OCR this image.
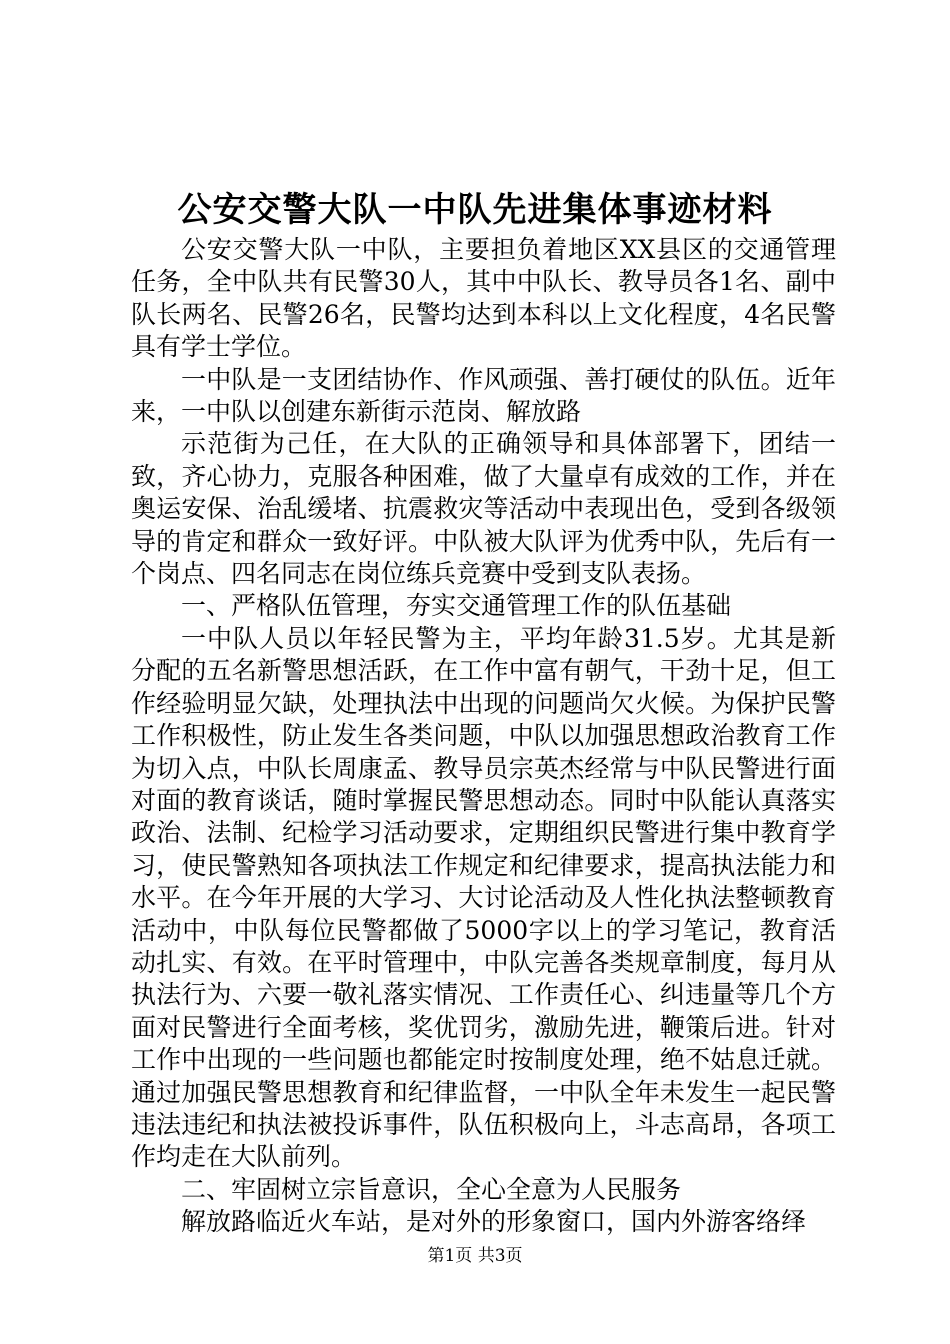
公安交警大队一中队先进集体事迹材料

公安交警大队一中队，主要担负着地区XX县区的交通管理任务，全中队共有民警30人，其中中队长、教导员各1名、副中队长两名、民警26名，民警均达到本科以上文化程度，4名民警具有学士学位。

一中队是一支团结协作、作风顽强、善打硬仗的队伍。近年来，一中队以创建东新街示范岗、解放路

示范街为己任，在大队的正确领导和具体部署下，团结一致，齐心协力，克服各种困难，做了大量卓有成效的工作，并在奥运安保、治乱缓堵、抗震救灾等活动中表现出色，受到各级领导的肯定和群众一致好评。中队被大队评为优秀中队，先后有一个岗点、四名同志在岗位练兵竞赛中受到支队表扬。

一、严格队伍管理，夯实交通管理工作的队伍基础

一中队人员以年轻民警为主，平均年龄31.5岁。尤其是新分配的五名新警思想活跃，在工作中富有朝气，干劲十足，但工作经验明显欠缺，处理执法中出现的问题尚欠火候。为保护民警工作积极性，防止发生各类问题，中队以加强思想政治教育工作为切入点，中队长周康孟、教导员宗英杰经常与中队民警进行面对面的教育谈话，随时掌握民警思想动态。同时中队能认真落实政治、法制、纪检学习活动要求，定期组织民警进行集中教育学习，使民警熟知各项执法工作规定和纪律要求，提高执法能力和水平。在今年开展的大学习、大讨论活动及人性化执法整顿教育活动中，中队每位民警都做了5000字以上的学习笔记，教育活动扎实、有效。在平时管理中，中队完善各类规章制度，每月从执法行为、六要一敬礼落实情况、工作责任心、纠违量等几个方面对民警进行全面考核，奖优罚劣，激励先进，鞭策后进。针对工作中出现的一些问题也都能定时按制度处理，绝不姑息迁就。通过加强民警思想教育和纪律监督，一中队全年未发生一起民警违法违纪和执法被投诉事件，队伍积极向上，斗志高昂，各项工作均走在大队前列。

二、牢固树立宗旨意识，全心全意为人民服务

解放路临近火车站，是对外的形象窗口，国内外游客络绎

第1页 共3页
